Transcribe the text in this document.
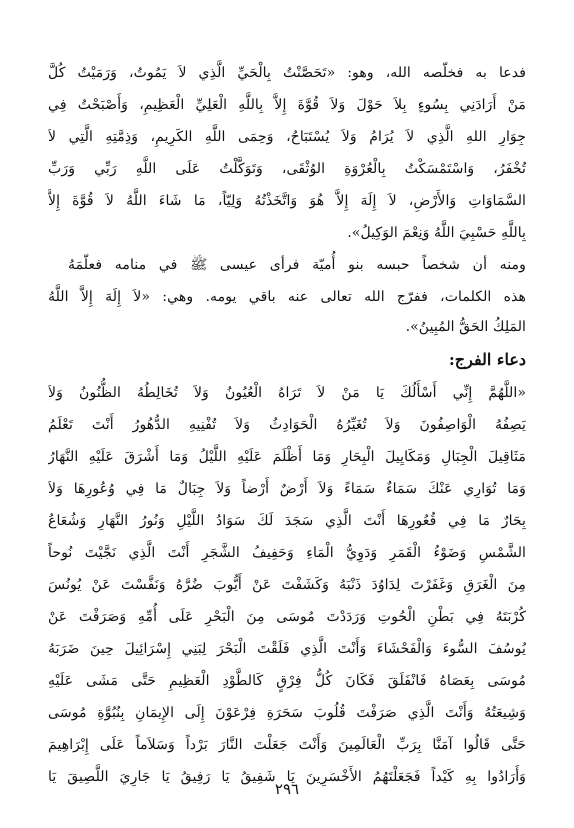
فدعا به فخلّصه الله، وهو: «تَحَصَّنْتُ بِالْحَيِّ الَّذِي لاَ يَمُوتُ، وَرَمَيْتُ كُلَّ
مَنْ أَرَادَنِي بِسُوءٍ بِلاَ حَوْلَ وَلاَ قُوَّةَ إِلاَّ بِاللَّهِ الْعَلِيِّ الْعَظِيمِ، وَأَصْبَحْتُ فِي
جِوَارِ اللهِ الَّذِي لاَ يُرَامُ وَلاَ يُسْتَبَاحُ، وَحِمَى اللَّهِ الكَرِيمِ، وَذِمَّتِهِ الَّتِي لاَ
تُخْفَرُ، وَاسْتَمْسَكْتُ بِالْعُرْوَةِ الوُثْقَى، وَتَوَكَّلْتُ عَلَى اللَّهِ رَبِّي وَرَبِّ
السَّمَاوَاتِ وَالأَرْضِ، لاَ إِلَهَ إِلاَّ هُوَ وَاتَّخَذْتُهُ وَلِيّاً، مَا شَاءَ اللَّهُ لاَ قُوَّةَ إِلاَّ
بِاللَّهِ حَسْبِيَ اللَّهُ وَنِعْمَ الوَكِيلُ».
ومنه أن شخصاً حبسه بنو أُميّة فرأى عيسى ﷺ في منامه فعلّمَهُ
هذه الكلمات، ففرّج الله تعالى عنه باقي يومه. وهي: «لاَ إِلَهَ إِلاَّ اللَّهُ
المَلِكُ الحَقُّ المُبِينُ».
دعاء الفرج:
«اللَّهُمَّ إِنِّي أَسْأَلُكَ يَا مَنْ لاَ تَرَاهُ الْعُيُونُ وَلاَ تُخَالِطُهُ الظُّنُونُ وَلاَ
يَصِفُهُ الْوَاصِفُونَ وَلاَ تُغَيِّرُهُ الْحَوَادِثُ وَلاَ تُفْنِيهِ الدُّهُورُ أَنْتَ تَعْلَمُ
مَثَاقِيلَ الْجِبَالِ وَمَكَايِيلَ الْبِحَارِ وَمَا أَظْلَمَ عَلَيْهِ اللَّيْلُ وَمَا أَشْرَقَ عَلَيْهِ النَّهَارُ
وَمَا تُوَارِي عَنْكَ سَمَاءٌ سَمَاءً وَلاَ أَرْضٌ أَرْضاً وَلاَ جِبَالٌ مَا فِي وُعُورِهَا وَلاَ
بِحَارٌ مَا فِي قُعُورِهَا أَنْتَ الَّذِي سَجَدَ لَكَ سَوَادُ اللَّيْلِ وَنُورُ النَّهَارِ وَشُعَاعُ
الشَّمْسِ وَضَوْءُ الْقَمَرِ وَدَوِيُّ الْمَاءِ وَحَفِيفُ الشَّجَرِ أَنْتَ الَّذِي نَجَّيْتَ نُوحاً
مِنَ الْغَرَقِ وَغَفَرْتَ لِدَاوُدَ ذَنْبَهُ وَكَشَفْتَ عَنْ أَيُّوبَ ضُرَّهُ وَنَفَّسْتَ عَنْ يُونُسَ
كُرْبَتَهُ فِي بَطْنِ الْحُوتِ وَرَدَدْتَ مُوسَى مِنَ الْبَحْرِ عَلَى أُمِّهِ وَصَرَفْتَ عَنْ
يُوسُفَ السُّوءَ وَالْفَحْشَاءَ وَأَنْتَ الَّذِي فَلَقْتَ الْبَحْرَ لِبَنِي إِسْرَائِيلَ حِينَ ضَرَبَهُ
مُوسَى بِعَصَاهُ فَانْفَلَقَ فَكَانَ كُلُّ فِرْقٍ كَالطَّوْدِ الْعَظِيمِ حَتَّى مَشَى عَلَيْهِ
وَشِيعَتُهُ وَأَنْتَ الَّذِي صَرَفْتَ قُلُوبَ سَحَرَةِ فِرْعَوْنَ إِلَى الإِيمَانِ بِنُبُوَّةِ مُوسَى
حَتَّى قَالُوا آمَنَّا بِرَبِّ الْعَالَمِينَ وَأَنْتَ جَعَلْتَ النَّارَ بَرْداً وَسَلاَماً عَلَى إِبْرَاهِيمَ
وَأَرَادُوا بِهِ كَيْداً فَجَعَلْتَهُمُ الأَخْسَرِينَ يَا شَفِيقُ يَا رَفِيقُ يَا جَارِيَ اللَّصِيقَ يَا
٢٩٦
